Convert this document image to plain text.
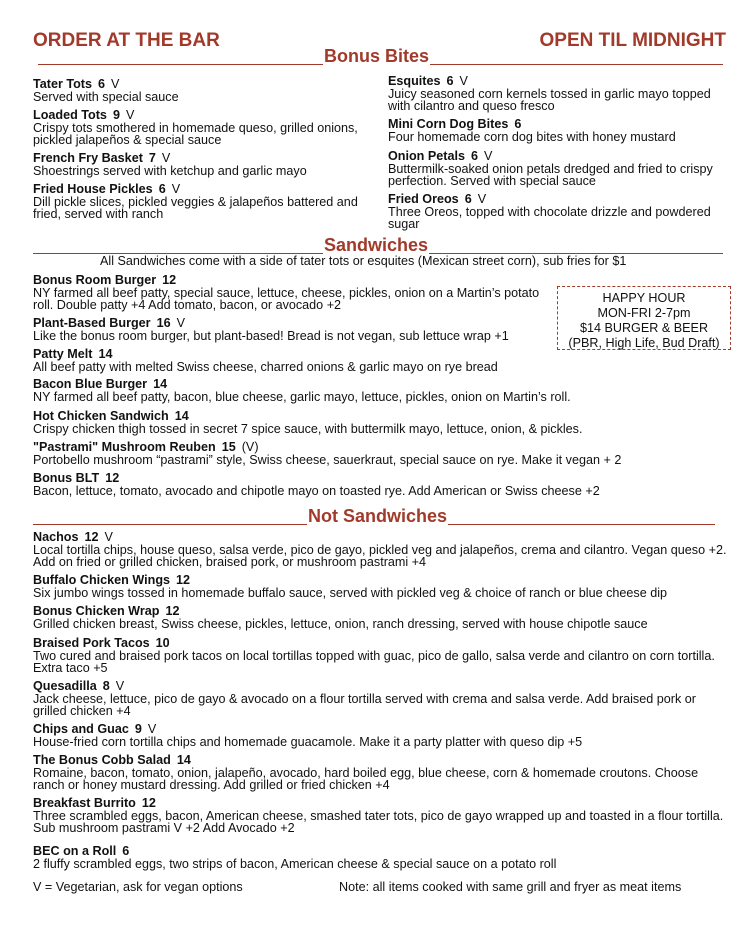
ORDER AT THE BAR	OPEN TIL MIDNIGHT
Bonus Bites
Tater Tots 6 V
Served with special sauce
Loaded Tots 9 V
Crispy tots smothered in homemade queso, grilled onions, pickled jalapeños & special sauce
French Fry Basket 7 V
Shoestrings served with ketchup and garlic mayo
Fried House Pickles 6 V
Dill pickle slices, pickled veggies & jalapeños battered and fried, served with ranch
Esquites 6 V
Juicy seasoned corn kernels tossed in garlic mayo topped with cilantro and queso fresco
Mini Corn Dog Bites 6
Four homemade corn dog bites with honey mustard
Onion Petals 6 V
Buttermilk-soaked onion petals dredged and fried to crispy perfection. Served with special sauce
Fried Oreos 6 V
Three Oreos, topped with chocolate drizzle and powdered sugar
Sandwiches
All Sandwiches come with a side of tater tots or esquites (Mexican street corn), sub fries for $1
Bonus Room Burger 12
NY farmed all beef patty, special sauce, lettuce, cheese, pickles, onion on a Martin’s potato roll. Double patty +4 Add tomato, bacon, or avocado +2
Plant-Based Burger 16 V
Like the bonus room burger, but plant-based! Bread is not vegan, sub lettuce wrap +1
Patty Melt 14
All beef patty with melted Swiss cheese, charred onions & garlic mayo on rye bread
Bacon Blue Burger 14
NY farmed all beef patty, bacon, blue cheese, garlic mayo, lettuce, pickles, onion on Martin’s roll.
Hot Chicken Sandwich 14
Crispy chicken thigh tossed in secret 7 spice sauce, with buttermilk mayo, lettuce, onion, & pickles.
"Pastrami" Mushroom Reuben 15 (V)
Portobello mushroom “pastrami” style, Swiss cheese, sauerkraut, special sauce on rye. Make it vegan + 2
Bonus BLT 12
Bacon, lettuce, tomato, avocado and chipotle mayo on toasted rye. Add American or Swiss cheese +2
HAPPY HOUR
MON-FRI 2-7pm
$14 BURGER & BEER
(PBR, High Life, Bud Draft)
Not Sandwiches
Nachos 12 V
Local tortilla chips, house queso, salsa verde, pico de gayo, pickled veg and jalapeños, crema and cilantro. Vegan queso +2. Add on fried or grilled chicken, braised pork, or mushroom pastrami +4
Buffalo Chicken Wings 12
Six jumbo wings tossed in homemade buffalo sauce, served with pickled veg & choice of ranch or blue cheese dip
Bonus Chicken Wrap 12
Grilled chicken breast, Swiss cheese, pickles, lettuce, onion, ranch dressing, served with house chipotle sauce
Braised Pork Tacos 10
Two cured and braised pork tacos on local tortillas topped with guac, pico de gallo, salsa verde and cilantro on corn tortilla. Extra taco +5
Quesadilla 8 V
Jack cheese, lettuce, pico de gayo & avocado on a flour tortilla served with crema and salsa verde. Add braised pork or grilled chicken +4
Chips and Guac 9 V
House-fried corn tortilla chips and homemade guacamole. Make it a party platter with queso dip +5
The Bonus Cobb Salad 14
Romaine, bacon, tomato, onion, jalapeño, avocado, hard boiled egg, blue cheese, corn & homemade croutons. Choose ranch or honey mustard dressing. Add grilled or fried chicken +4
Breakfast Burrito 12
Three scrambled eggs, bacon, American cheese, smashed tater tots, pico de gayo wrapped up and toasted in a flour tortilla. Sub mushroom pastrami V +2 Add Avocado +2
BEC on a Roll 6
2 fluffy scrambled eggs, two strips of bacon, American cheese & special sauce on a potato roll
V = Vegetarian, ask for vegan options	Note: all items cooked with same grill and fryer as meat items
